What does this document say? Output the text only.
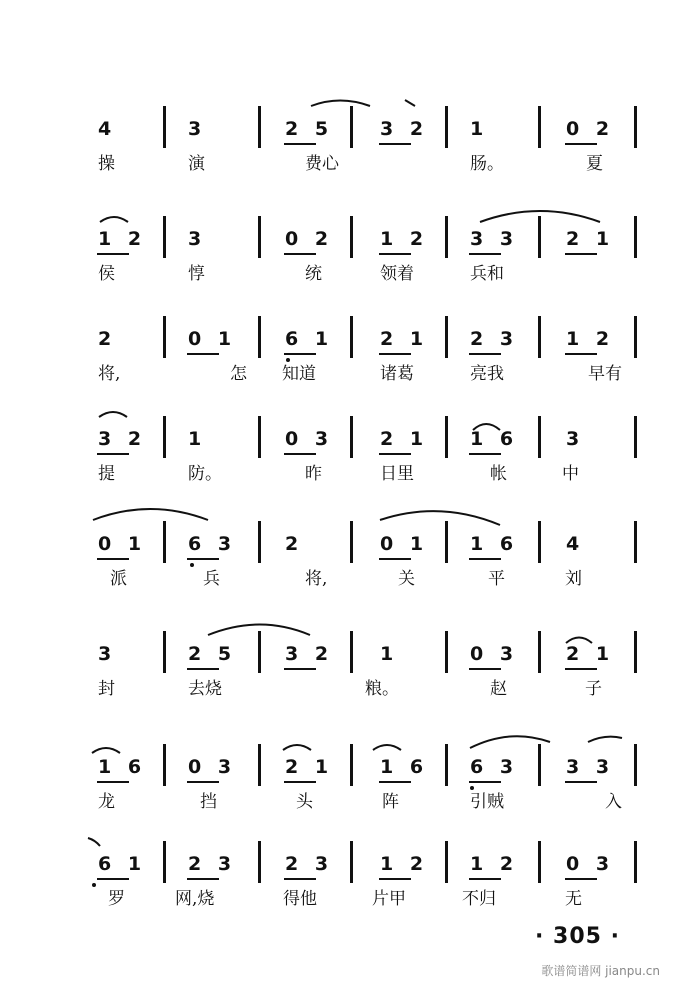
4
操
3
演
2 5
费心
3 2 1
肠。
0 2
夏
1 2
侯
3
惇
0 2
统
1 2
领着
3 3
兵和
2 1
2
将,
0 1
怎
6 1
知道
2 1
诸葛
2 3
亮我
1 2
早有
3 2
提
1
防。
0 3
昨
2 1
日里
1 6
帐
3
中
0 1
派
6 3
兵
2
将,
0 1
关
1 6
平
4
刘
3
封
2 5
去烧
3 2 1
粮。
0 3
赵
2 1
子
1 6
龙
0 3
挡
2 1
头
1 6
阵
6 3
引贼
3 3
入
6 1
罗
2 3
网,烧
2 3
得他
1 2
片甲
1 2
不归
0 3
无
· 305 ·
歌谱简谱网 jianpu.cn
